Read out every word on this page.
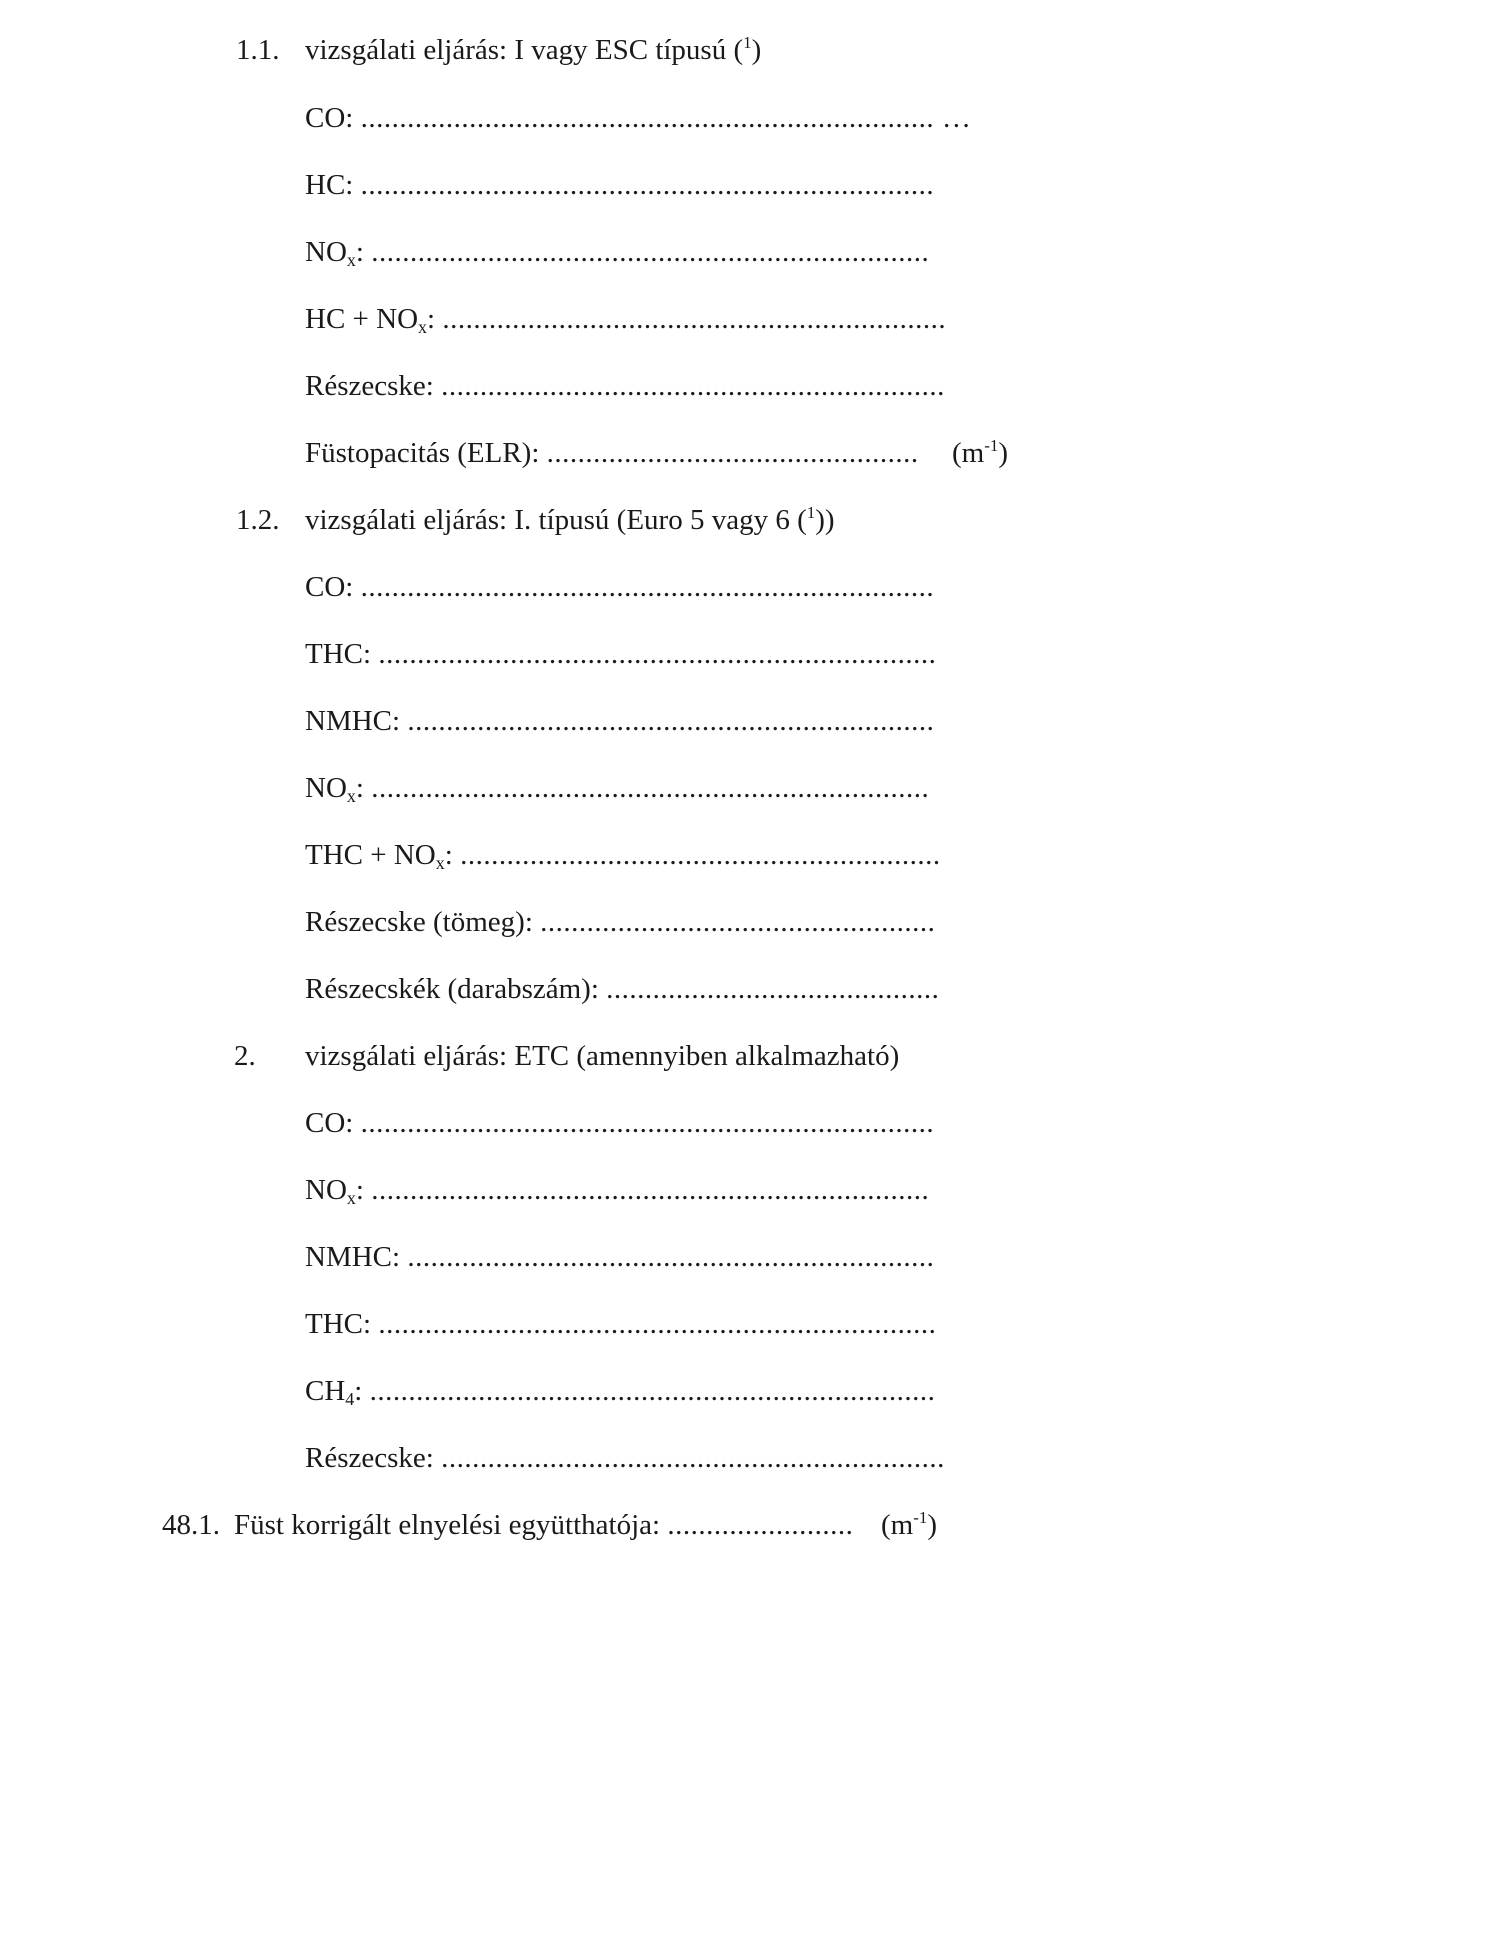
1.1. vizsgálati eljárás: I vagy ESC típusú ($^1$)
CO: .......................................................................... …
HC: ..........................................................................
$NO_x$: ........................................................................
HC + $NO_x$: .................................................................
Részecske: .................................................................
Füstopacitás (ELR): ................................................ $(m^{-1})$
1.2. vizsgálati eljárás: I. típusú (Euro 5 vagy 6 ($^1$))
CO: ..........................................................................
THC: ........................................................................
NMHC: ....................................................................
$NO_x$: ........................................................................
THC + $NO_x$: ..............................................................
Részecske (tömeg): ...................................................
Részecskék (darabszám): ...........................................
2. vizsgálati eljárás: ETC (amennyiben alkalmazható)
CO: ..........................................................................
$NO_x$: ........................................................................
NMHC: ....................................................................
THC: ........................................................................
$CH_4$: .........................................................................
Részecske: .................................................................
48.1. Füst korrigált elnyelési együtthatója: ........................ $(m^{-1})$
